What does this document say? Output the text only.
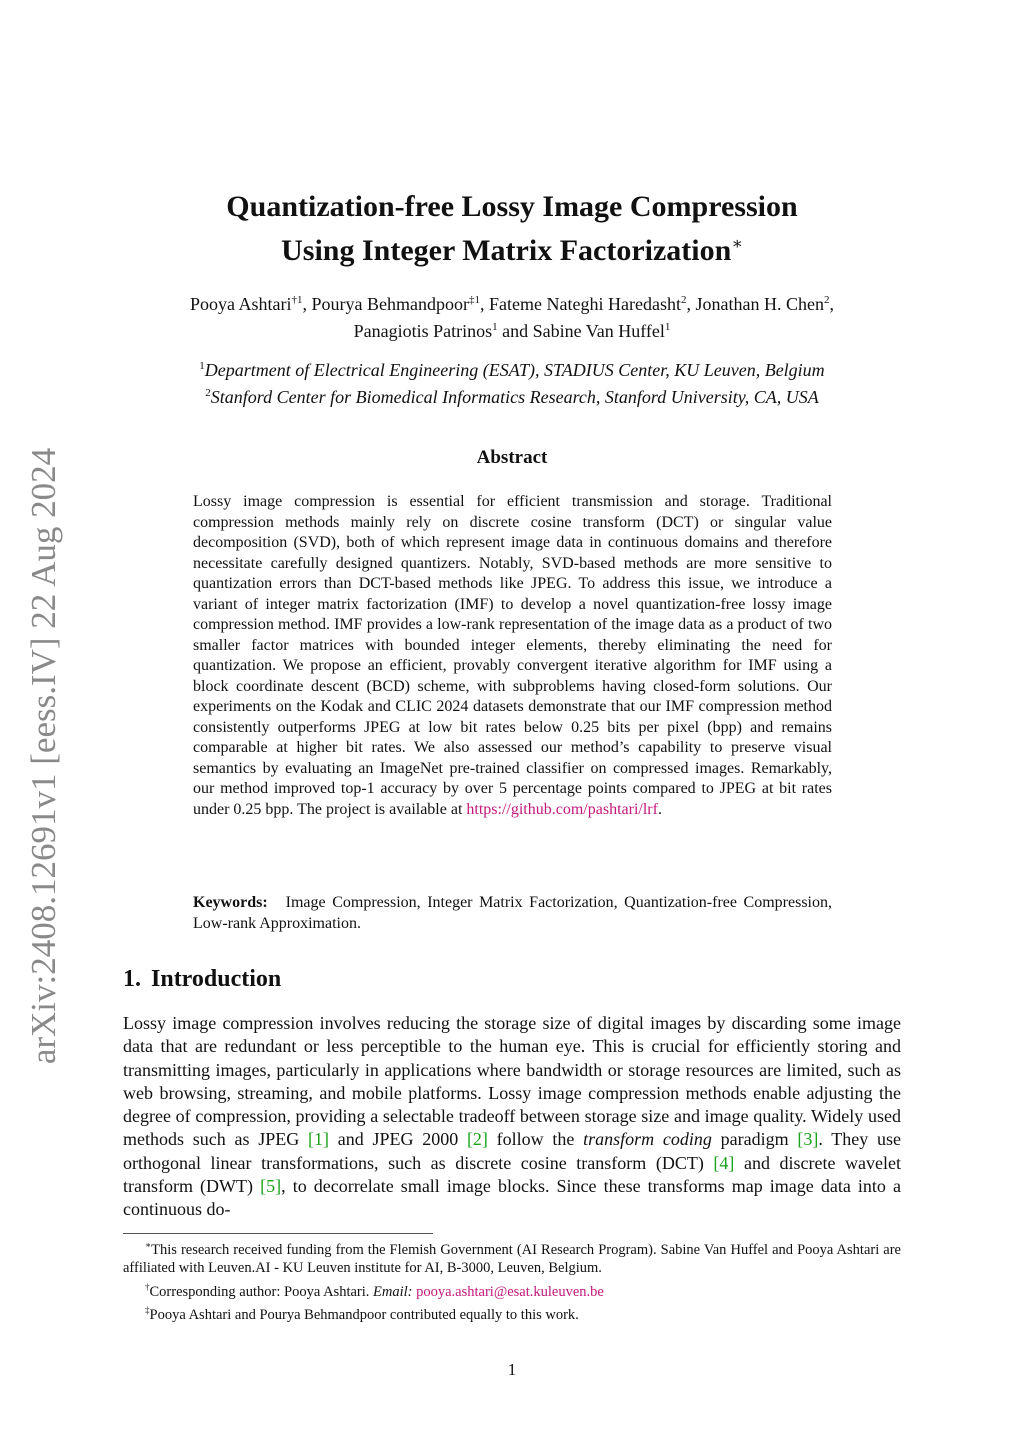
arXiv:2408.12691v1 [eess.IV] 22 Aug 2024
Quantization-free Lossy Image Compression
Using Integer Matrix Factorization∗
Pooya Ashtari$^{\dagger 1}$, Pourya Behmandpoor$^{\ddagger 1}$, Fateme Nateghi Haredasht$^2$, Jonathan H. Chen$^2$,
Panagiotis Patrinos$^1$ and Sabine Van Huffel$^1$
$^1$Department of Electrical Engineering (ESAT), STADIUS Center, KU Leuven, Belgium
$^2$Stanford Center for Biomedical Informatics Research, Stanford University, CA, USA
Abstract

Lossy image compression is essential for efficient transmission and storage. Traditional compression methods mainly rely on discrete cosine transform (DCT) or singular value decomposition (SVD), both of which represent image data in continuous domains and therefore necessitate carefully designed quantizers. Notably, SVD-based methods are more sensitive to quantization errors than DCT-based methods like JPEG. To address this issue, we introduce a variant of integer matrix factorization (IMF) to develop a novel quantization-free lossy image compression method. IMF provides a low-rank representation of the image data as a product of two smaller factor matrices with bounded integer elements, thereby eliminating the need for quantization. We propose an efficient, provably convergent iterative algorithm for IMF using a block coordinate descent (BCD) scheme, with subproblems having closed-form solutions. Our experiments on the Kodak and CLIC 2024 datasets demonstrate that our IMF compression method consistently outperforms JPEG at low bit rates below 0.25 bits per pixel (bpp) and remains comparable at higher bit rates. We also assessed our method’s capability to preserve visual semantics by evaluating an ImageNet pre-trained classifier on compressed images. Remarkably, our method improved top-1 accuracy by over 5 percentage points compared to JPEG at bit rates under 0.25 bpp. The project is available at https://github.com/pashtari/lrf.

Keywords: Image Compression, Integer Matrix Factorization, Quantization-free Compression, Low-rank Approximation.

1. Introduction

Lossy image compression involves reducing the storage size of digital images by discarding some image data that are redundant or less perceptible to the human eye. This is crucial for efficiently storing and transmitting images, particularly in applications where bandwidth or storage resources are limited, such as web browsing, streaming, and mobile platforms. Lossy image compression methods enable adjusting the degree of compression, providing a selectable tradeoff between storage size and image quality. Widely used methods such as JPEG [1] and JPEG 2000 [2] follow the transform coding paradigm [3]. They use orthogonal linear transformations, such as discrete cosine transform (DCT) [4] and discrete wavelet transform (DWT) [5], to decorrelate small image blocks. Since these transforms map image data into a continuous do-

∗This research received funding from the Flemish Government (AI Research Program). Sabine Van Huffel and Pooya Ashtari are affiliated with Leuven.AI - KU Leuven institute for AI, B-3000, Leuven, Belgium.

†Corresponding author: Pooya Ashtari. Email: pooya.ashtari@esat.kuleuven.be

‡Pooya Ashtari and Pourya Behmandpoor contributed equally to this work.

1
